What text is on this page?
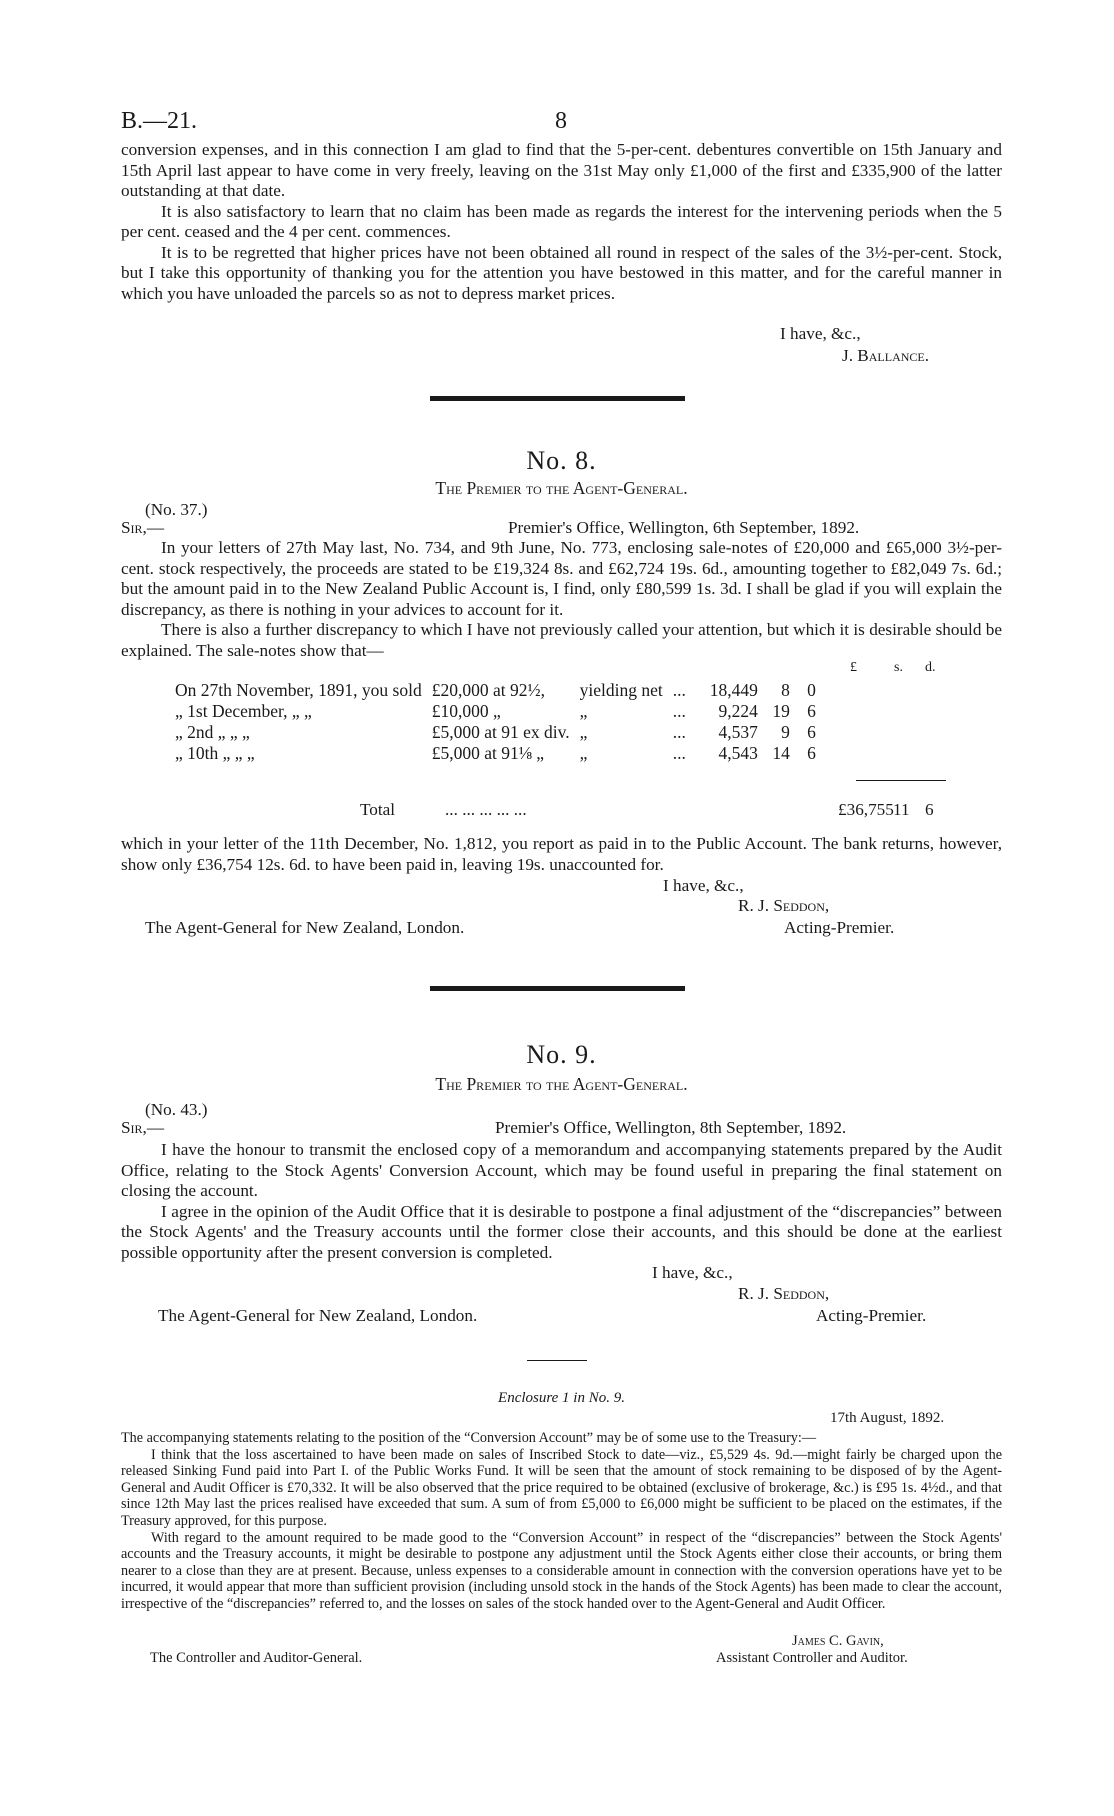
B.—21.	8

conversion expenses, and in this connection I am glad to find that the 5-per-cent. debentures convertible on 15th January and 15th April last appear to have come in very freely, leaving on the 31st May only £1,000 of the first and £335,900 of the latter outstanding at that date.

It is also satisfactory to learn that no claim has been made as regards the interest for the intervening periods when the 5 per cent. ceased and the 4 per cent. commences.

It is to be regretted that higher prices have not been obtained all round in respect of the sales of the 3½-per-cent. Stock, but I take this opportunity of thanking you for the attention you have bestowed in this matter, and for the careful manner in which you have unloaded the parcels so as not to depress market prices.

I have, &c.,
J. Ballance.
No. 8.
The Premier to the Agent-General.
(No. 37.)
Sir,—	Premier's Office, Wellington, 6th September, 1892.

In your letters of 27th May last, No. 734, and 9th June, No. 773, enclosing sale-notes of £20,000 and £65,000 3½-per-cent. stock respectively, the proceeds are stated to be £19,324 8s. and £62,724 19s. 6d., amounting together to £82,049 7s. 6d.; but the amount paid in to the New Zealand Public Account is, I find, only £80,599 1s. 3d. I shall be glad if you will explain the discrepancy, as there is nothing in your advices to account for it.

There is also a further discrepancy to which I have not previously called your attention, but which it is desirable should be explained. The sale-notes show that—

£	s. d.
On 27th November, 1891, you sold	£20,000 at 92½,	yielding net	...	18,449	8	0
„ 1st December, „ „	£10,000 „	„	...	9,224	19	6
„ 2nd „ „ „	£5,000 at 91 ex div.	„	...	4,537	9	6
„ 10th „ „ „	£5,000 at 91⅛ „	„	...	4,543	14	6
Total	... ... ... ... ...	£36,755 11 6

which in your letter of the 11th December, No. 1,812, you report as paid in to the Public Account. The bank returns, however, show only £36,754 12s. 6d. to have been paid in, leaving 19s. unaccounted for.

I have, &c.,
R. J. Seddon,
The Agent-General for New Zealand, London.	Acting-Premier.
No. 9.
The Premier to the Agent-General.
(No. 43.)
Sir,—	Premier's Office, Wellington, 8th September, 1892.

I have the honour to transmit the enclosed copy of a memorandum and accompanying statements prepared by the Audit Office, relating to the Stock Agents' Conversion Account, which may be found useful in preparing the final statement on closing the account.

I agree in the opinion of the Audit Office that it is desirable to postpone a final adjustment of the “discrepancies” between the Stock Agents' and the Treasury accounts until the former close their accounts, and this should be done at the earliest possible opportunity after the present conversion is completed.

I have, &c.,
R. J. Seddon,
The Agent-General for New Zealand, London.	Acting-Premier.
Enclosure 1 in No. 9.
17th August, 1892.

The accompanying statements relating to the position of the “Conversion Account” may be of some use to the Treasury:—

I think that the loss ascertained to have been made on sales of Inscribed Stock to date—viz., £5,529 4s. 9d.—might fairly be charged upon the released Sinking Fund paid into Part I. of the Public Works Fund. It will be seen that the amount of stock remaining to be disposed of by the Agent-General and Audit Officer is £70,332. It will be also observed that the price required to be obtained (exclusive of brokerage, &c.) is £95 1s. 4½d., and that since 12th May last the prices realised have exceeded that sum. A sum of from £5,000 to £6,000 might be sufficient to be placed on the estimates, if the Treasury approved, for this purpose.

With regard to the amount required to be made good to the “Conversion Account” in respect of the “discrepancies” between the Stock Agents' accounts and the Treasury accounts, it might be desirable to postpone any adjustment until the Stock Agents either close their accounts, or bring them nearer to a close than they are at present. Because, unless expenses to a considerable amount in connection with the conversion operations have yet to be incurred, it would appear that more than sufficient provision (including unsold stock in the hands of the Stock Agents) has been made to clear the account, irrespective of the “discrepancies” referred to, and the losses on sales of the stock handed over to the Agent-General and Audit Officer.

James C. Gavin,
The Controller and Auditor-General.	Assistant Controller and Auditor.
